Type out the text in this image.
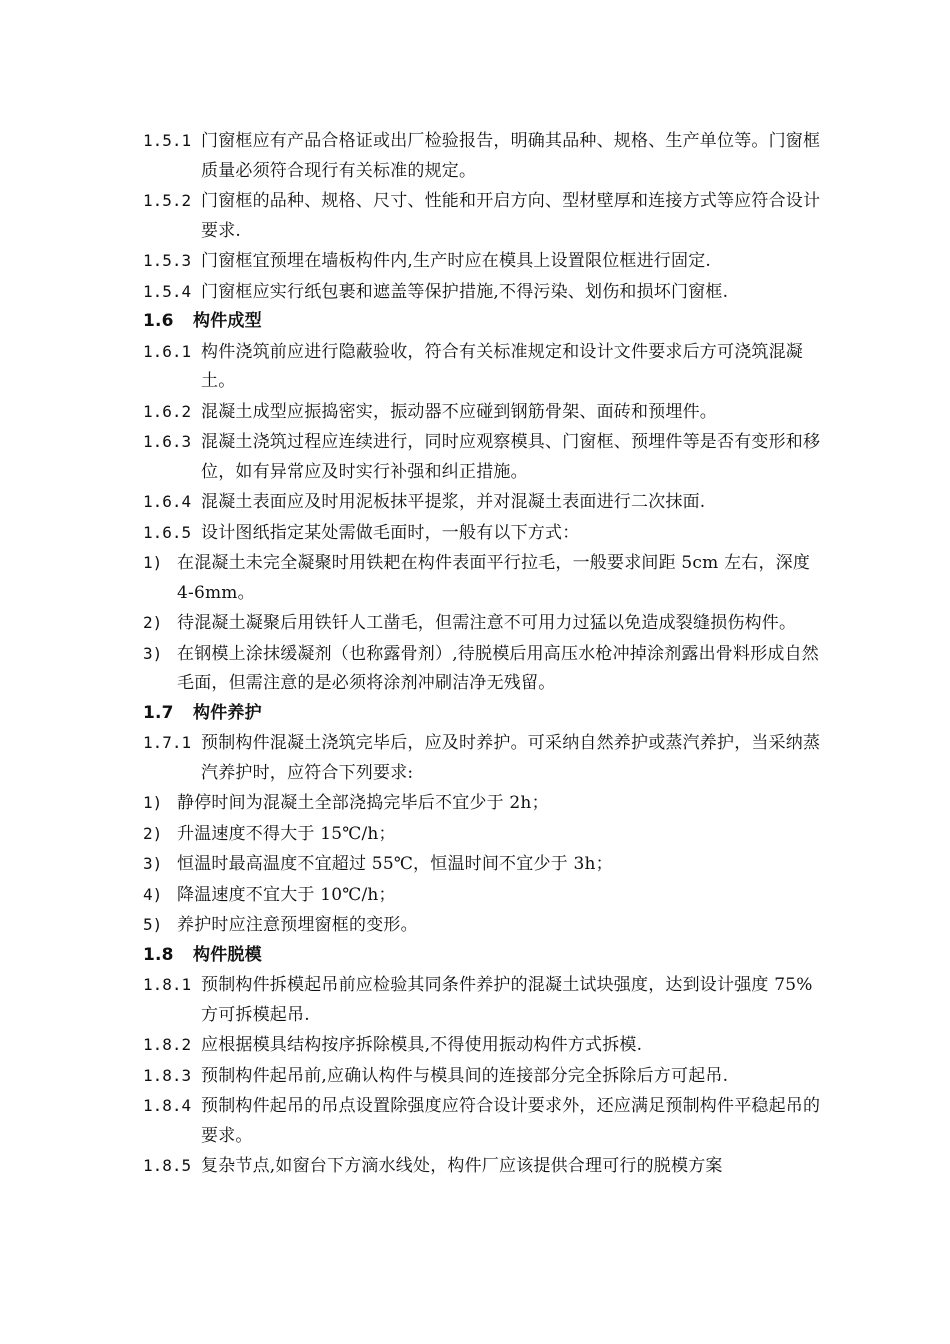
1.5.1 门窗框应有产品合格证或出厂检验报告，明确其品种、规格、生产单位等。门窗框质量必须符合现行有关标准的规定。

1.5.2 门窗框的品种、规格、尺寸、性能和开启方向、型材壁厚和连接方式等应符合设计要求.

1.5.3 门窗框宜预埋在墙板构件内,生产时应在模具上设置限位框进行固定.

1.5.4 门窗框应实行纸包裹和遮盖等保护措施,不得污染、划伤和损坏门窗框.

1.6 构件成型

1.6.1 构件浇筑前应进行隐蔽验收，符合有关标准规定和设计文件要求后方可浇筑混凝土。

1.6.2 混凝土成型应振捣密实，振动器不应碰到钢筋骨架、面砖和预埋件。

1.6.3 混凝土浇筑过程应连续进行，同时应观察模具、门窗框、预埋件等是否有变形和移位，如有异常应及时实行补强和纠正措施。

1.6.4 混凝土表面应及时用泥板抹平提浆，并对混凝土表面进行二次抹面.

1.6.5 设计图纸指定某处需做毛面时，一般有以下方式：

1) 在混凝土未完全凝聚时用铁耙在构件表面平行拉毛，一般要求间距 5cm 左右，深度 4-6mm。

2) 待混凝土凝聚后用铁钎人工凿毛，但需注意不可用力过猛以免造成裂缝损伤构件。

3) 在钢模上涂抹缓凝剂（也称露骨剂）,待脱模后用高压水枪冲掉涂剂露出骨料形成自然毛面，但需注意的是必须将涂剂冲刷洁净无残留。

1.7 构件养护

1.7.1 预制构件混凝土浇筑完毕后，应及时养护。可采纳自然养护或蒸汽养护，当采纳蒸汽养护时，应符合下列要求:

1) 静停时间为混凝土全部浇捣完毕后不宜少于 2h；

2) 升温速度不得大于 15℃/h；

3) 恒温时最高温度不宜超过 55℃，恒温时间不宜少于 3h；

4) 降温速度不宜大于 10℃/h；

5) 养护时应注意预埋窗框的变形。

1.8 构件脱模

1.8.1 预制构件拆模起吊前应检验其同条件养护的混凝土试块强度，达到设计强度 75%方可拆模起吊.

1.8.2 应根据模具结构按序拆除模具,不得使用振动构件方式拆模.

1.8.3 预制构件起吊前,应确认构件与模具间的连接部分完全拆除后方可起吊.

1.8.4 预制构件起吊的吊点设置除强度应符合设计要求外，还应满足预制构件平稳起吊的要求。

1.8.5 复杂节点,如窗台下方滴水线处，构件厂应该提供合理可行的脱模方案
